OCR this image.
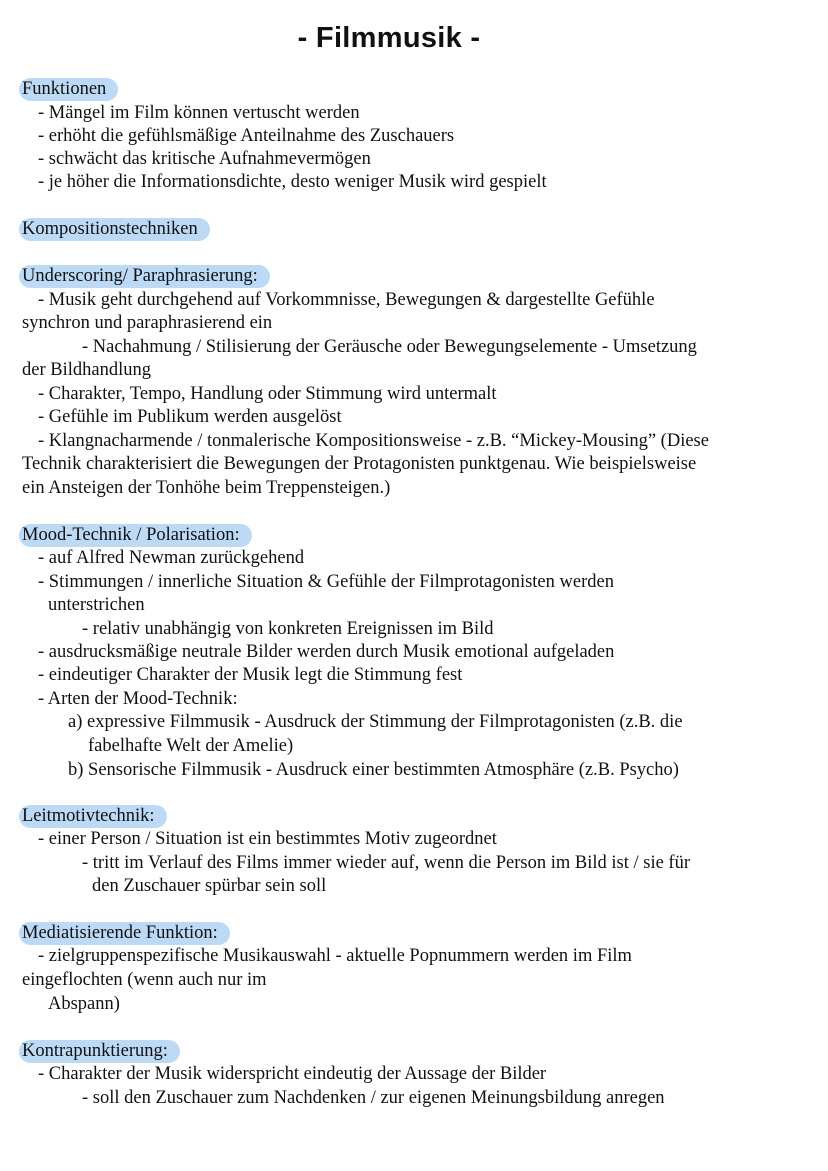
- Filmmusik -
Funktionen
- Mängel im Film können vertuscht werden
- erhöht die gefühlsmäßige Anteilnahme des Zuschauers
- schwächt das kritische Aufnahmevermögen
- je höher die Informationsdichte, desto weniger Musik wird gespielt
Kompositionstechniken
Underscoring/ Paraphrasierung:
- Musik geht durchgehend auf Vorkommnisse, Bewegungen & dargestellte Gefühle
synchron und paraphrasierend ein
- Nachahmung / Stilisierung der Geräusche oder Bewegungselemente - Umsetzung
der Bildhandlung
- Charakter, Tempo, Handlung oder Stimmung wird untermalt
- Gefühle im Publikum werden ausgelöst
- Klangnacharmende / tonmalerische Kompositionsweise - z.B. “Mickey-Mousing” (Diese
Technik charakterisiert die Bewegungen der Protagonisten punktgenau. Wie beispielsweise
ein Ansteigen der Tonhöhe beim Treppensteigen.)
Mood-Technik / Polarisation:
- auf Alfred Newman zurückgehend
- Stimmungen / innerliche Situation & Gefühle der Filmprotagonisten werden
unterstrichen
- relativ unabhängig von konkreten Ereignissen im Bild
- ausdrucksmäßige neutrale Bilder werden durch Musik emotional aufgeladen
- eindeutiger Charakter der Musik legt die Stimmung fest
- Arten der Mood-Technik:
a) expressive Filmmusik - Ausdruck der Stimmung der Filmprotagonisten (z.B. die
fabelhafte Welt der Amelie)
b) Sensorische Filmmusik - Ausdruck einer bestimmten Atmosphäre (z.B. Psycho)
Leitmotivtechnik:
- einer Person / Situation ist ein bestimmtes Motiv zugeordnet
- tritt im Verlauf des Films immer wieder auf, wenn die Person im Bild ist / sie für
den Zuschauer spürbar sein soll
Mediatisierende Funktion:
- zielgruppenspezifische Musikauswahl - aktuelle Popnummern werden im Film
eingeflochten (wenn auch nur im
Abspann)
Kontrapunktierung:
- Charakter der Musik widerspricht eindeutig der Aussage der Bilder
- soll den Zuschauer zum Nachdenken / zur eigenen Meinungsbildung anregen
